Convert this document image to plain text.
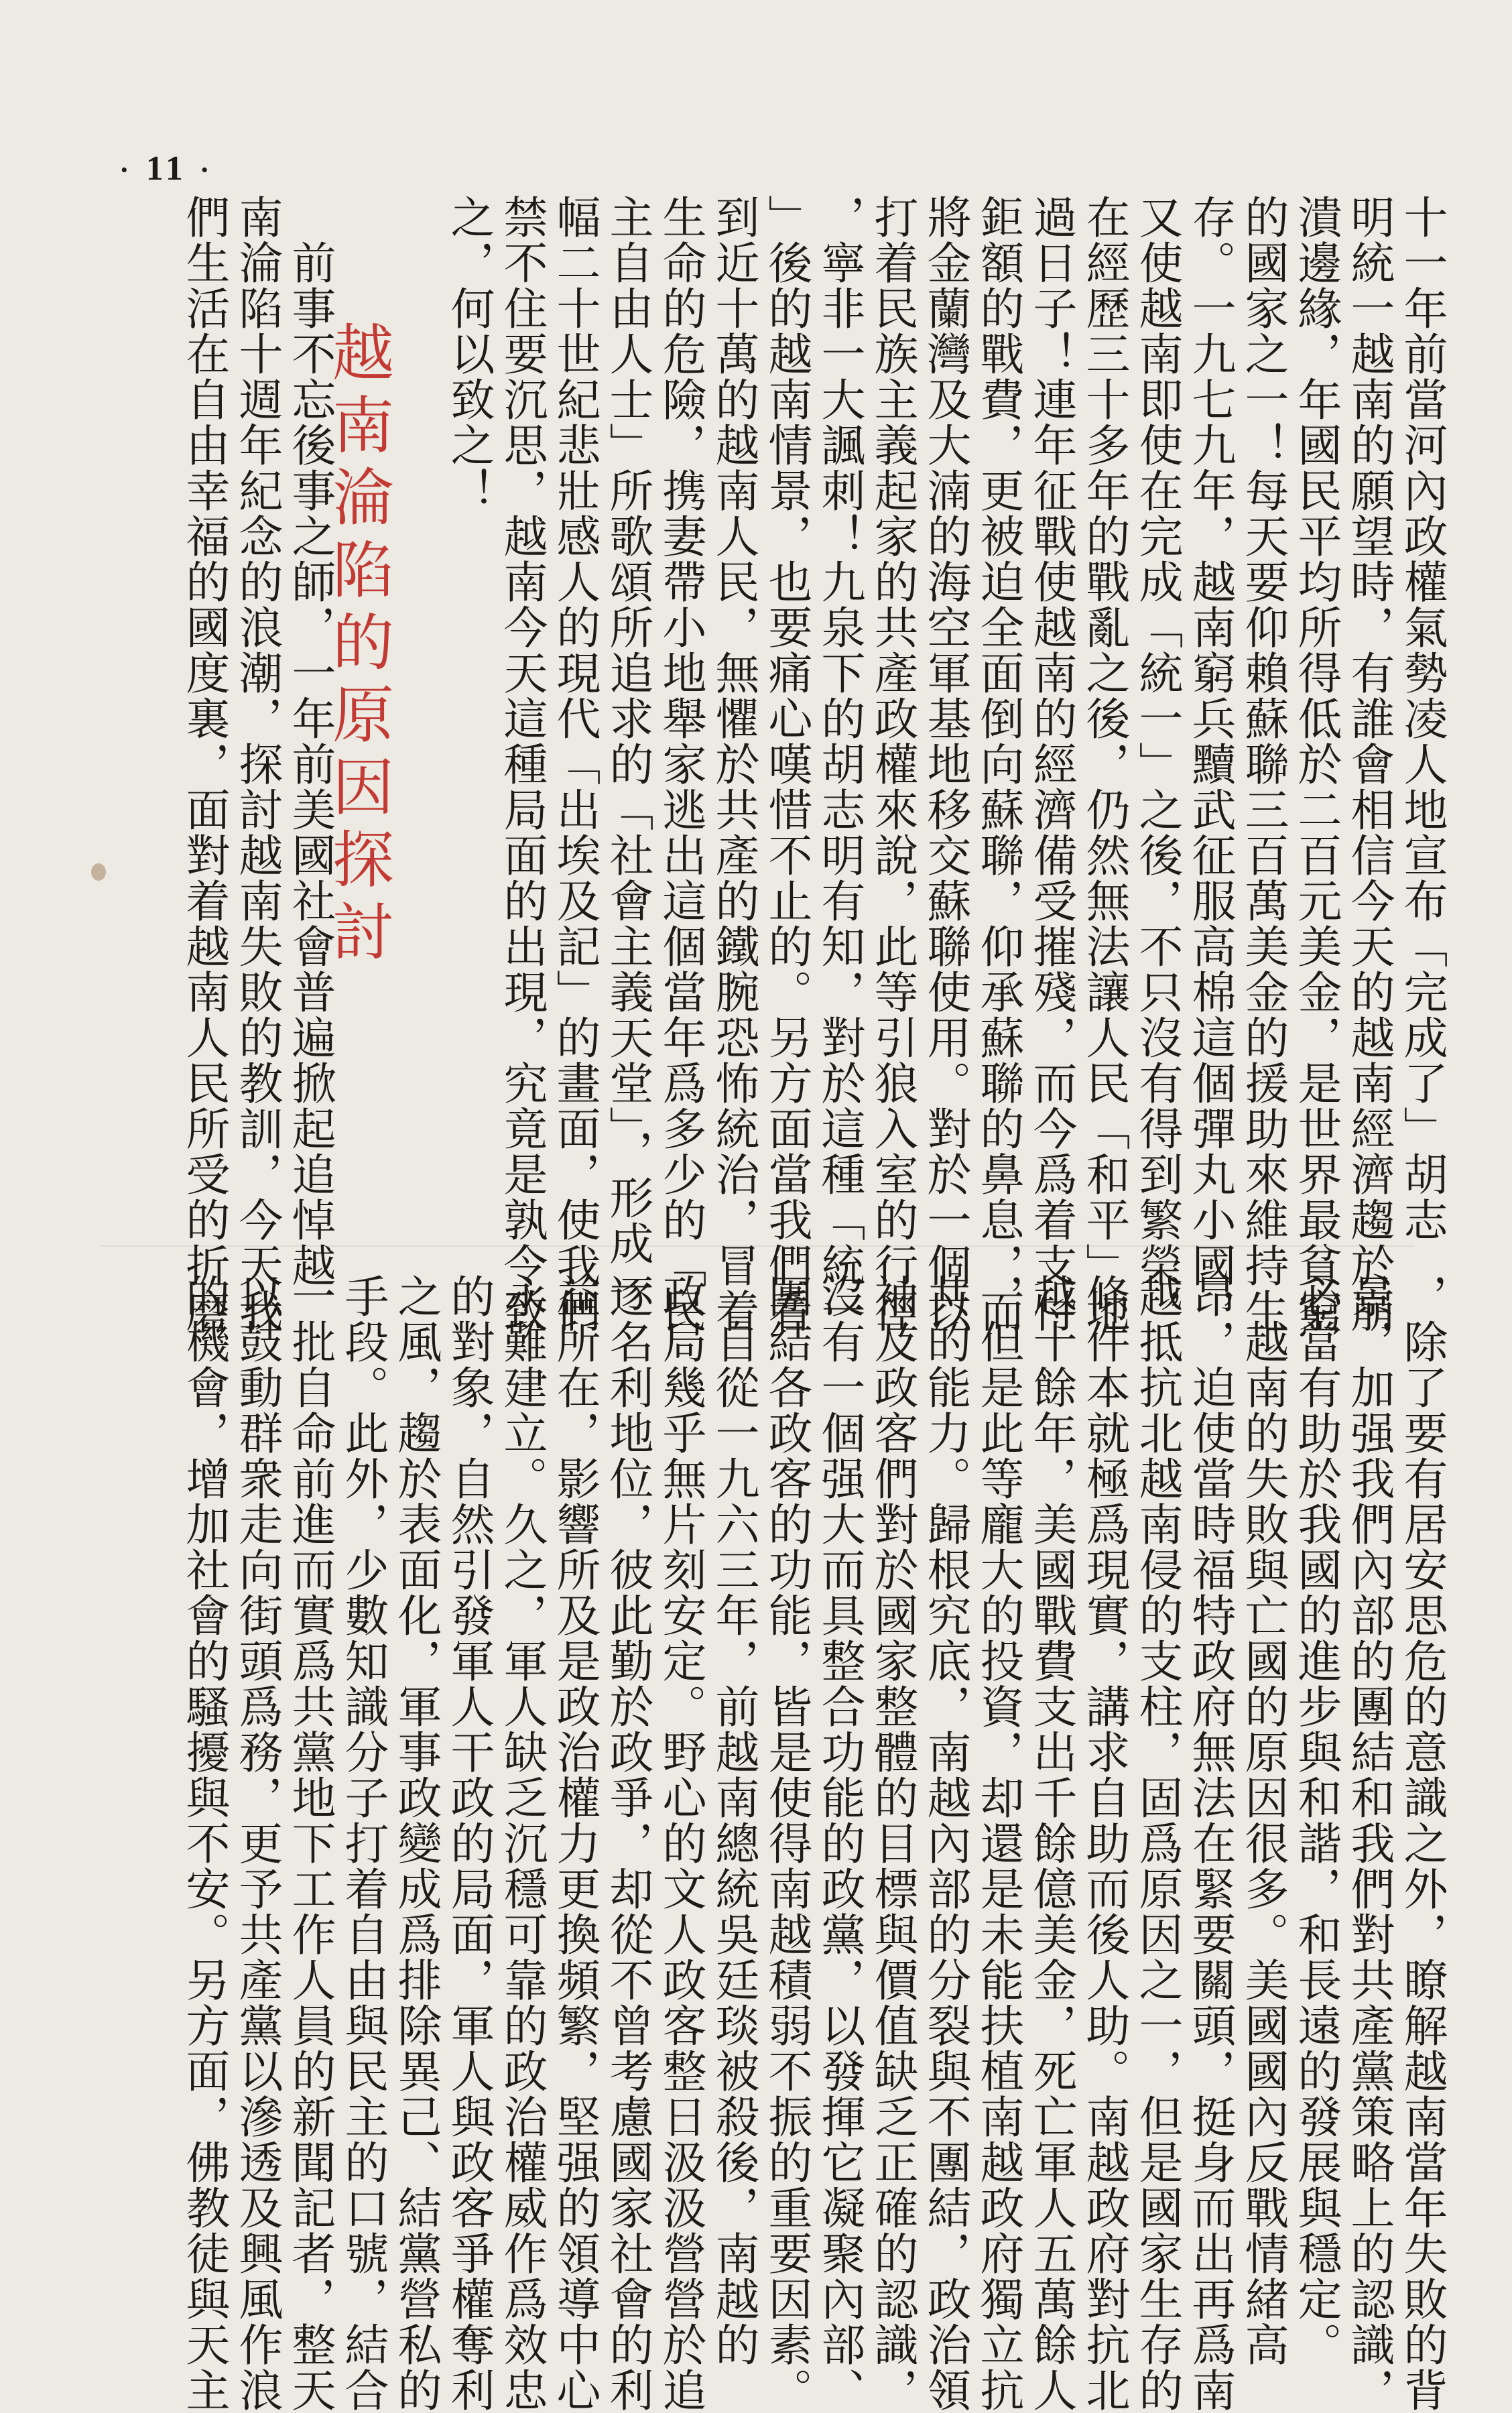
· 11 ·
十一年前當河內政權氣勢凌人地宣布「完成了」胡志
明統一越南的願望時，有誰會相信今天的越南經濟趨於崩
潰邊緣，年國民平均所得低於二百元美金，是世界最貧窮
的國家之一！每天要仰賴蘇聯三百萬美金的援助來維持生
存。一九七九年，越南窮兵黷武征服高棉這個彈丸小國，
又使越南即使在完成「統一」之後，不只沒有得到繁榮，
在經歷三十多年的戰亂之後，仍然無法讓人民「和平」地
過日子！連年征戰使越南的經濟備受摧殘，而今爲着支付
鉅額的戰費，更被迫全面倒向蘇聯，仰承蘇聯的鼻息，而
將金蘭灣及大湳的海空軍基地移交蘇聯使用。對於一個以
打着民族主義起家的共產政權來說，此等引狼入室的行徑
，寧非一大諷刺！九泉下的胡志明有知，對於這種「統一
」後的越南情景，也要痛心嘆惜不止的。另方面當我們看
到近十萬的越南人民，無懼於共產的鐵腕恐怖統治，冒着
生命的危險，携妻帶小地舉家逃出這個當年爲多少的「民
主自由人士」所歌頌所追求的「社會主義天堂」，形成一
幅二十世紀悲壯感人的現代「出埃及記」的畫面，使我們
禁不住要沉思，越南今天這種局面的出現，究竟是孰令致
之，何以致之！
　前事不忘後事之師，一年前美國社會普遍掀起追悼越
南淪陷十週年紀念的浪潮，探討越南失敗的教訓，今天我
們生活在自由幸福的國度裏，面對着越南人民所受的折磨 越南淪陷的原因探討
，除了要有居安思危的意識之外，瞭解越南當年失敗的背
景，加强我們內部的團結和我們對共產黨策略上的認識，
必當有助於我國的進步與和諧，和長遠的發展與穩定。
　越南的失敗與亡國的原因很多。美國國內反戰情緒高
昂，迫使當時福特政府無法在緊要關頭，挺身而出再爲南
越抵抗北越南侵的支柱，固爲原因之一，但是國家生存的
條件本就極爲現實，講求自助而後人助。南越政府對抗北
越十餘年，美國戰費支出千餘億美金，死亡軍人五萬餘人
，但是此等龐大的投資，却還是未能扶植南越政府獨立抗
共的能力。歸根究底，南越內部的分裂與不團結，政治領
袖及政客們對於國家整體的目標與價值缺乏正確的認識，
沒有一個强大而具整合功能的政黨，以發揮它凝聚內部、
團結各政客的功能，皆是使得南越積弱不振的重要因素。
　自從一九六三年，前越南總統吳廷琰被殺後，南越的
政局幾乎無片刻安定。野心的文人政客整日汲汲營營於追
逐名利地位，彼此勤於政爭，却從不曾考慮國家社會的利
益所在，影響所及是政治權力更換頻繁，堅强的領導中心
永難建立。久之，軍人缺乏沉穩可靠的政治權威作爲效忠
的對象，自然引發軍人干政的局面，軍人與政客爭權奪利
之風，趨於表面化，軍事政變成爲排除異己、結黨營私的
手段。此外，少數知識分子打着自由與民主的口號，結合
一批自命前進而實爲共黨地下工作人員的新聞記者，整天
以鼓動群衆走向街頭爲務，更予共產黨以滲透及興風作浪
的機會，增加社會的騷擾與不安。另方面，佛教徒與天主
